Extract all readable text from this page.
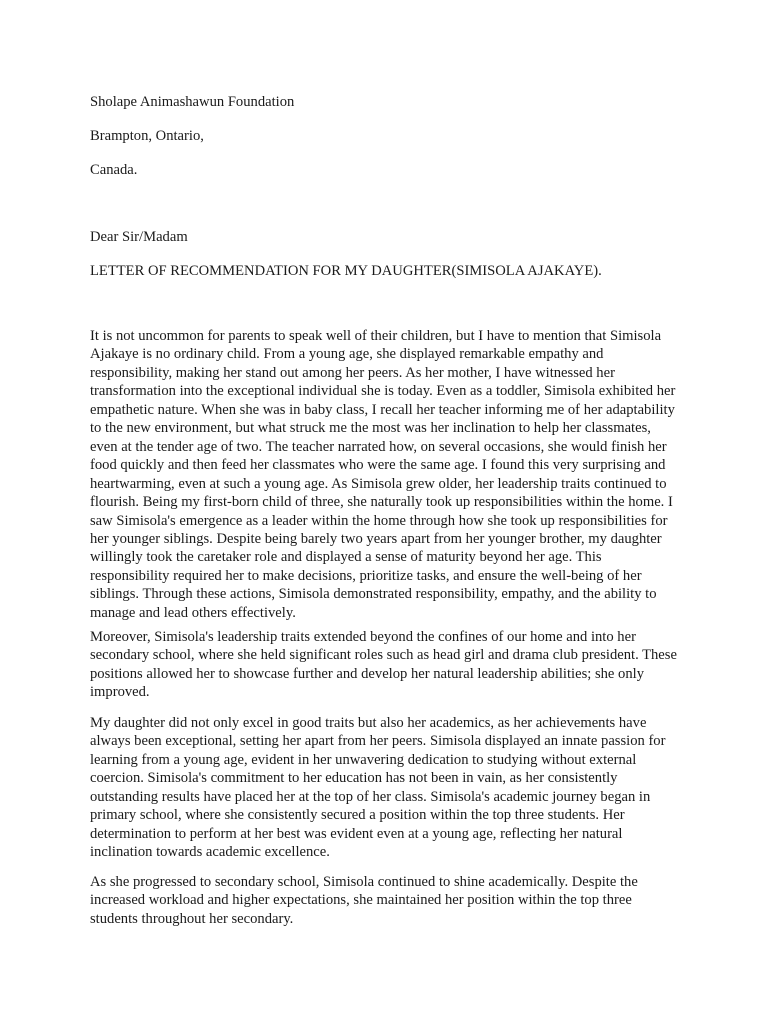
Sholape Animashawun Foundation

Brampton, Ontario,

Canada.

Dear Sir/Madam

LETTER OF RECOMMENDATION FOR MY DAUGHTER(SIMISOLA AJAKAYE).

It is not uncommon for parents to speak well of their children, but I have to mention that Simisola Ajakaye is no ordinary child. From a young age, she displayed remarkable empathy and responsibility, making her stand out among her peers. As her mother, I have witnessed her transformation into the exceptional individual she is today. Even as a toddler, Simisola exhibited her empathetic nature. When she was in baby class, I recall her teacher informing me of her adaptability to the new environment, but what struck me the most was her inclination to help her classmates, even at the tender age of two. The teacher narrated how, on several occasions, she would finish her food quickly and then feed her classmates who were the same age. I found this very surprising and heartwarming, even at such a young age. As Simisola grew older, her leadership traits continued to flourish. Being my first-born child of three, she naturally took up responsibilities within the home. I saw Simisola's emergence as a leader within the home through how she took up responsibilities for her younger siblings. Despite being barely two years apart from her younger brother, my daughter willingly took the caretaker role and displayed a sense of maturity beyond her age. This responsibility required her to make decisions, prioritize tasks, and ensure the well-being of her siblings. Through these actions, Simisola demonstrated responsibility, empathy, and the ability to manage and lead others effectively.

Moreover, Simisola's leadership traits extended beyond the confines of our home and into her secondary school, where she held significant roles such as head girl and drama club president. These positions allowed her to showcase further and develop her natural leadership abilities; she only improved.

My daughter did not only excel in good traits but also her academics, as her achievements have always been exceptional, setting her apart from her peers. Simisola displayed an innate passion for learning from a young age, evident in her unwavering dedication to studying without external coercion. Simisola's commitment to her education has not been in vain, as her consistently outstanding results have placed her at the top of her class. Simisola's academic journey began in primary school, where she consistently secured a position within the top three students. Her determination to perform at her best was evident even at a young age, reflecting her natural inclination towards academic excellence.

As she progressed to secondary school, Simisola continued to shine academically. Despite the increased workload and higher expectations, she maintained her position within the top three students throughout her secondary.
